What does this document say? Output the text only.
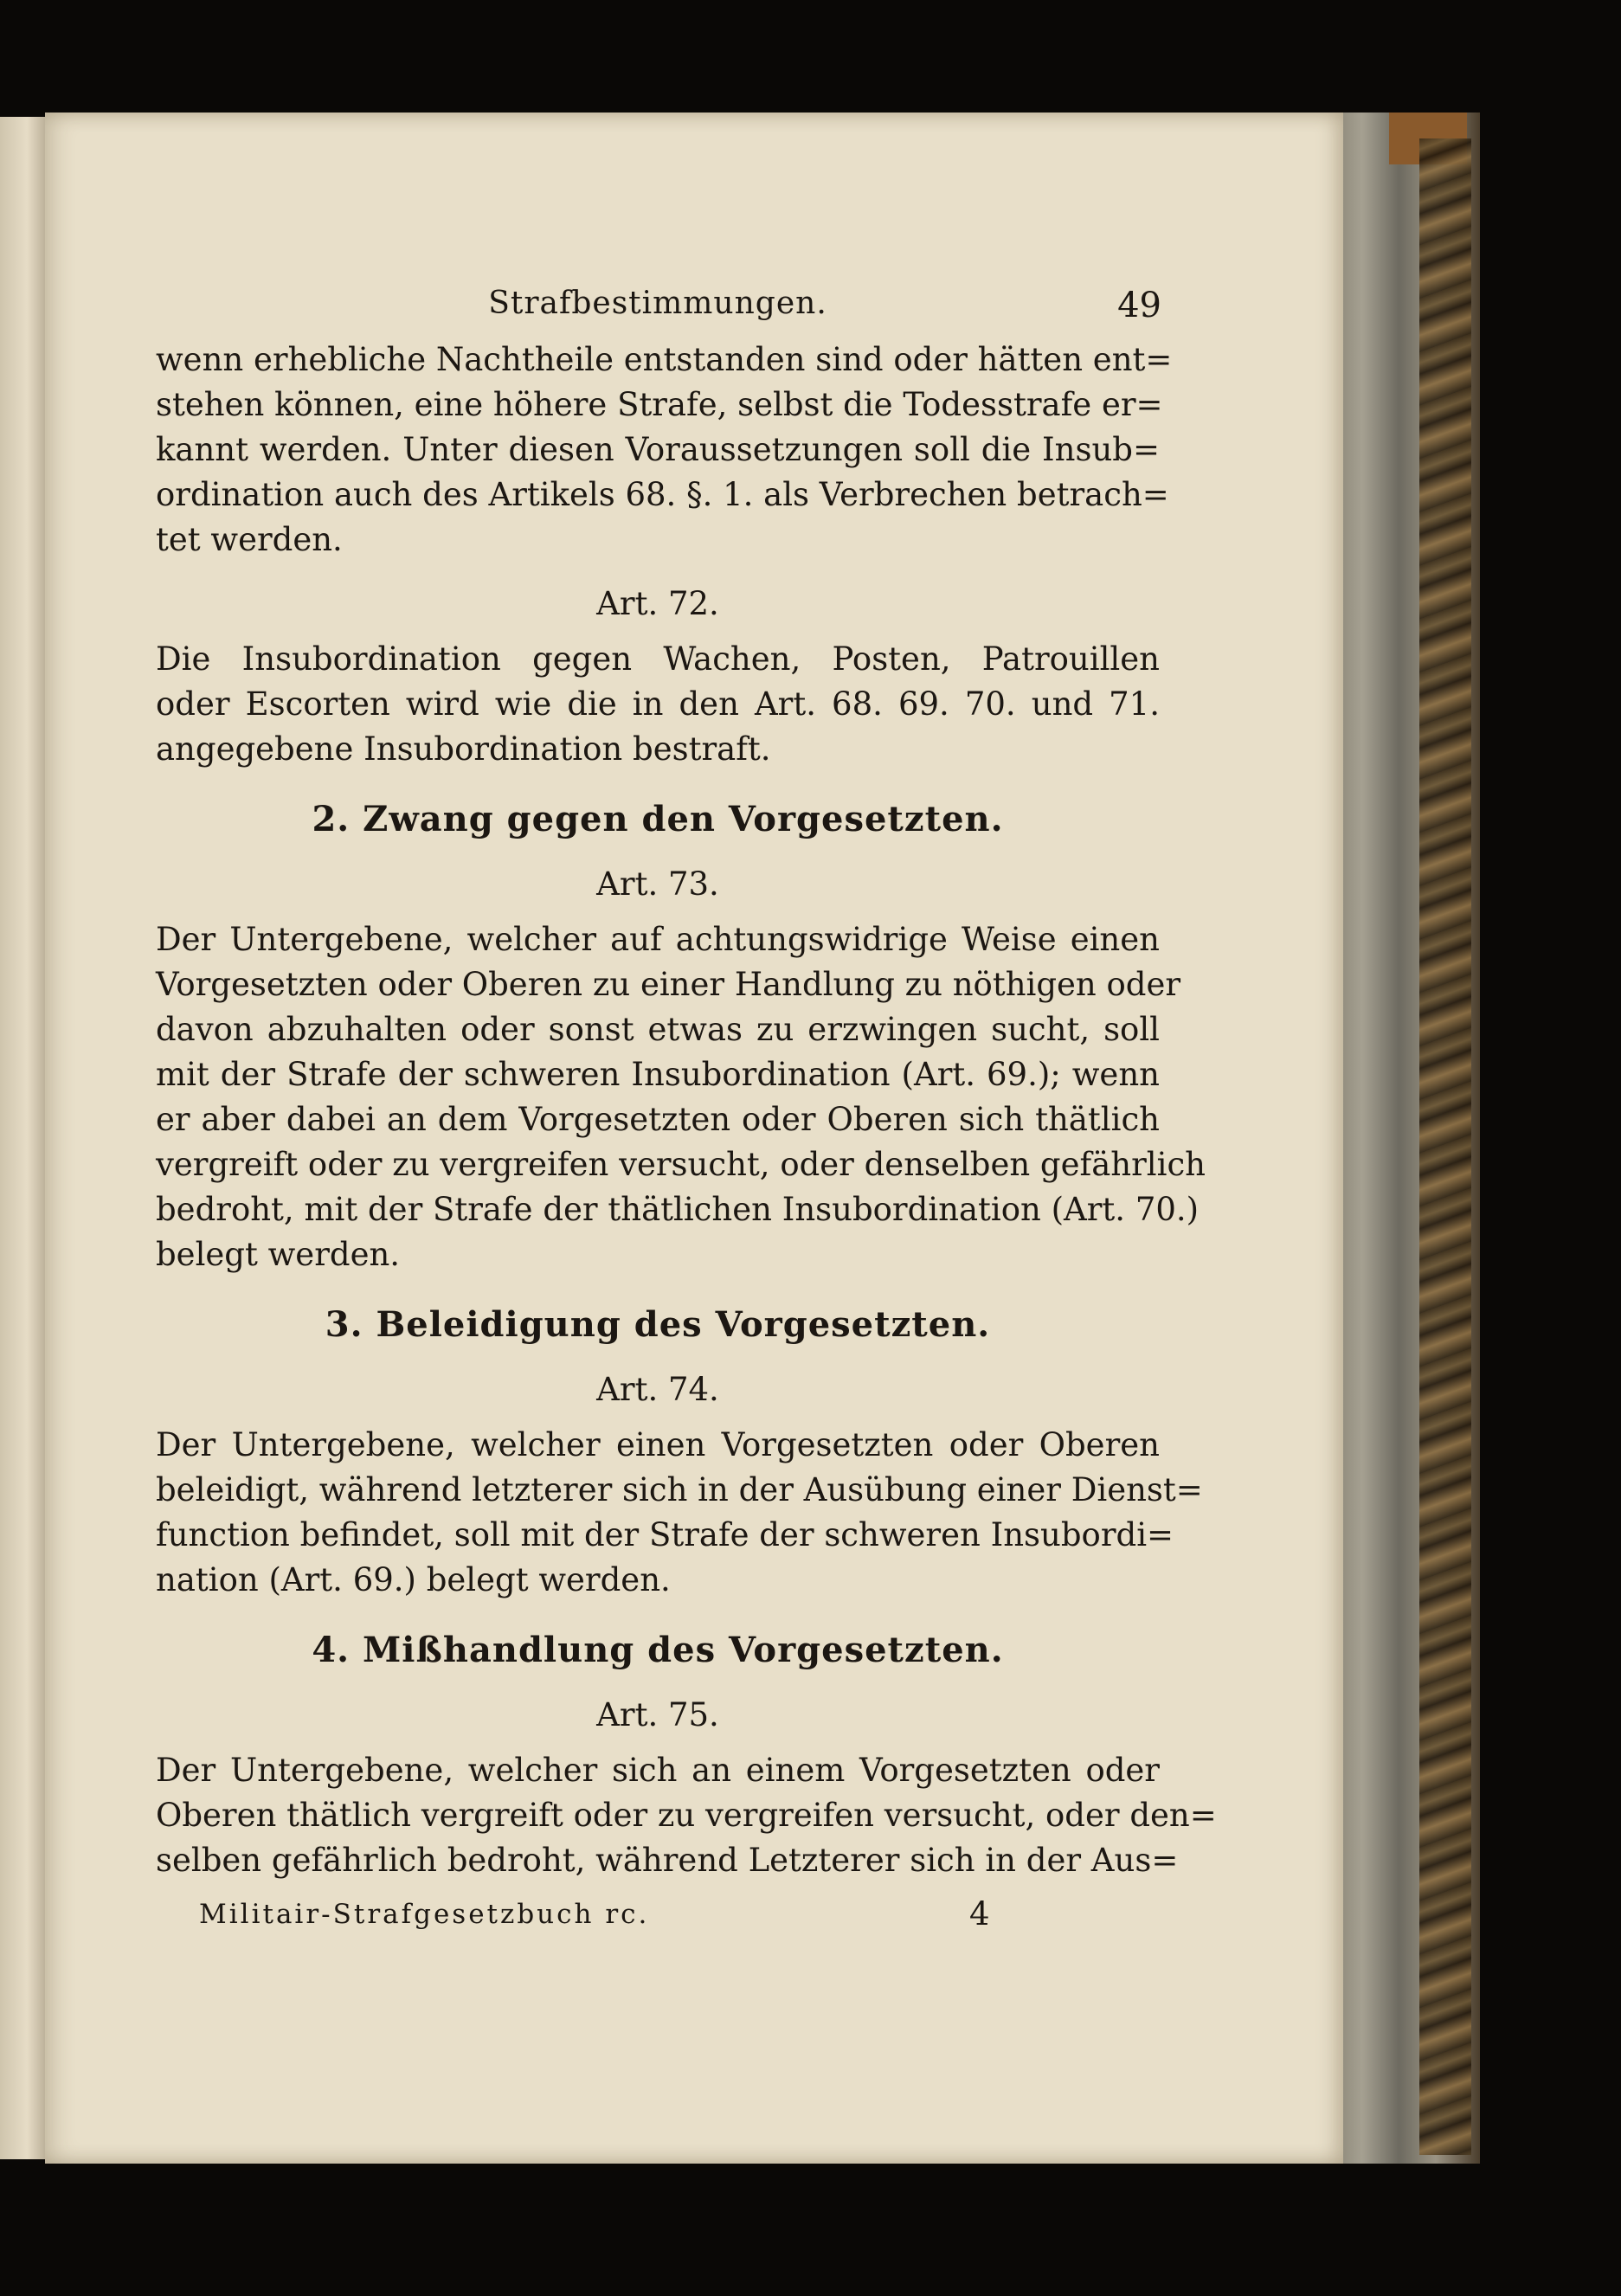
Strafbestimmungen.	49

wenn erhebliche Nachtheile entstanden sind oder hätten ent=
stehen können, eine höhere Strafe, selbst die Todesstrafe er=
kannt werden. Unter diesen Voraussetzungen soll die Insub=
ordination auch des Artikels 68. §. 1. als Verbrechen betrach=
tet werden.

Art. 72.

Die Insubordination gegen Wachen, Posten, Patrouillen
oder Escorten wird wie die in den Art. 68. 69. 70. und 71.
angegebene Insubordination bestraft.

2. Zwang gegen den Vorgesetzten.
Art. 73.

Der Untergebene, welcher auf achtungswidrige Weise einen
Vorgesetzten oder Oberen zu einer Handlung zu nöthigen oder
davon abzuhalten oder sonst etwas zu erzwingen sucht, soll
mit der Strafe der schweren Insubordination (Art. 69.); wenn
er aber dabei an dem Vorgesetzten oder Oberen sich thätlich
vergreift oder zu vergreifen versucht, oder denselben gefährlich
bedroht, mit der Strafe der thätlichen Insubordination (Art. 70.)
belegt werden.

3. Beleidigung des Vorgesetzten.
Art. 74.

Der Untergebene, welcher einen Vorgesetzten oder Oberen
beleidigt, während letzterer sich in der Ausübung einer Dienst=
function befindet, soll mit der Strafe der schweren Insubordi=
nation (Art. 69.) belegt werden.

4. Mißhandlung des Vorgesetzten.
Art. 75.

Der Untergebene, welcher sich an einem Vorgesetzten oder
Oberen thätlich vergreift oder zu vergreifen versucht, oder den=
selben gefährlich bedroht, während Letzterer sich in der Aus=

Militair-Strafgesetzbuch rc.	4
